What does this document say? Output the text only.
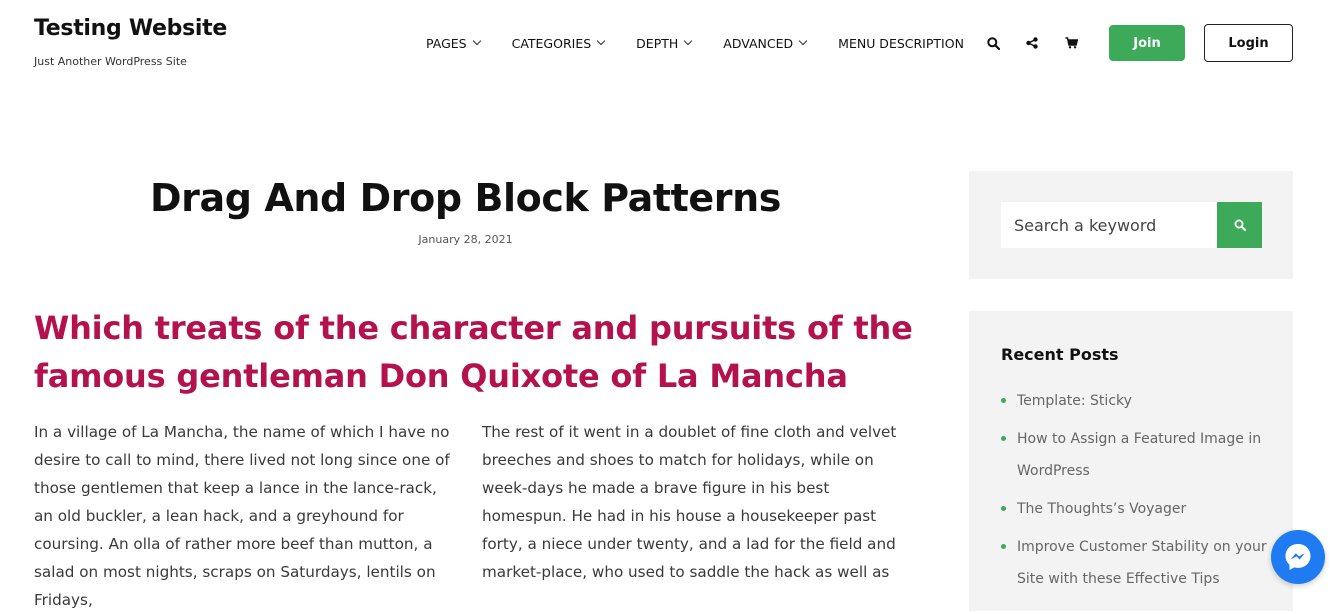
Testing Website
Just Another WordPress Site
PAGES	CATEGORIES	DEPTH	ADVANCED	MENU DESCRIPTION	Join	Login
Drag And Drop Block Patterns
January 28, 2021
Which treats of the character and pursuits of the famous gentleman Don Quixote of La Mancha

In a village of La Mancha, the name of which I have no desire to call to mind, there lived not long since one of those gentlemen that keep a lance in the lance-rack, an old buckler, a lean hack, and a greyhound for coursing. An olla of rather more beef than mutton, a salad on most nights, scraps on Saturdays, lentils on Fridays,

The rest of it went in a doublet of fine cloth and velvet breeches and shoes to match for holidays, while on week-days he made a brave figure in his best homespun. He had in his house a housekeeper past forty, a niece under twenty, and a lad for the field and market-place, who used to saddle the hack as well as

Search a keyword
Recent Posts
Template: Sticky
How to Assign a Featured Image in WordPress
The Thoughts’s Voyager
Improve Customer Stability on your Site with these Effective Tips
